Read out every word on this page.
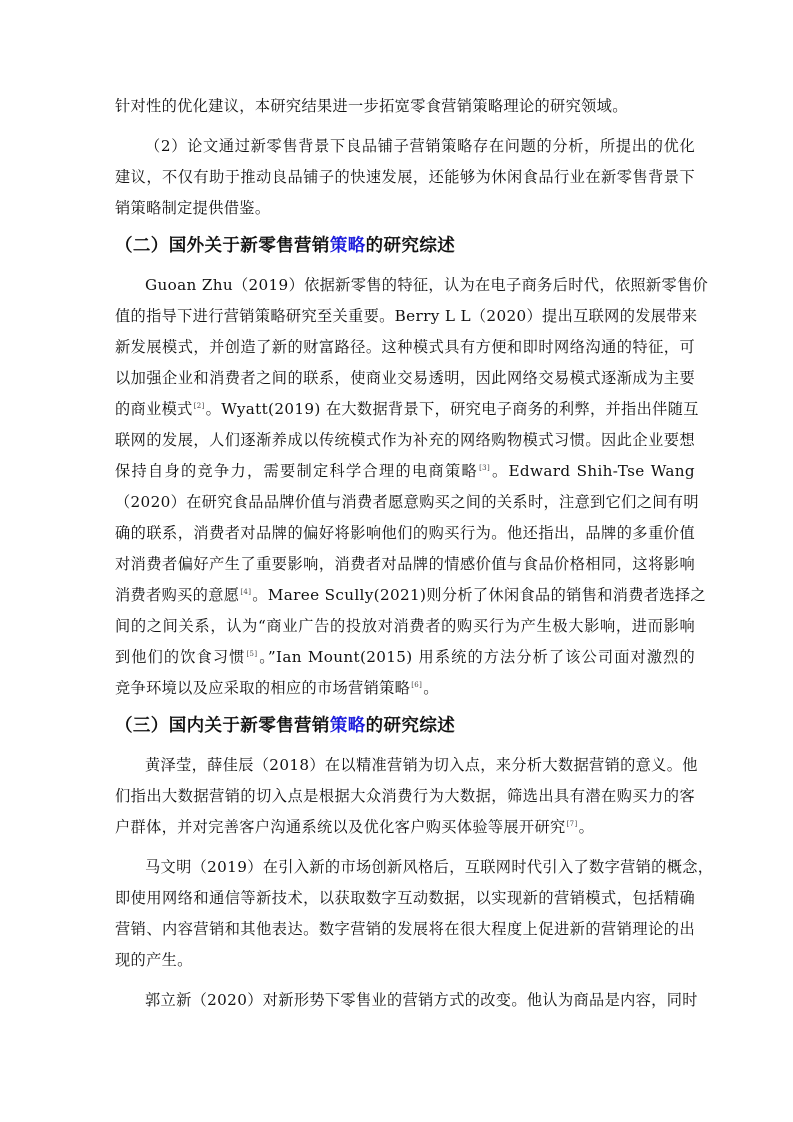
针对性的优化建议，本研究结果进一步拓宽零食营销策略理论的研究领域。
（2）论文通过新零售背景下良品铺子营销策略存在问题的分析，所提出的优化
建议，不仅有助于推动良品铺子的快速发展，还能够为休闲食品行业在新零售背景下
销策略制定提供借鉴。
（二）国外关于新零售营销策略的研究综述
Guoan Zhu（2019）依据新零售的特征，认为在电子商务后时代，依照新零售价
值的指导下进行营销策略研究至关重要。Berry L L（2020）提出互联网的发展带来
新发展模式，并创造了新的财富路径。这种模式具有方便和即时网络沟通的特征，可
以加强企业和消费者之间的联系，使商业交易透明，因此网络交易模式逐渐成为主要
的商业模式[2]。Wyatt(2019) 在大数据背景下，研究电子商务的利弊，并指出伴随互
联网的发展，人们逐渐养成以传统模式作为补充的网络购物模式习惯。因此企业要想
保持自身的竞争力，需要制定科学合理的电商策略[3]。Edward Shih-Tse Wang
（2020）在研究食品品牌价值与消费者愿意购买之间的关系时，注意到它们之间有明
确的联系，消费者对品牌的偏好将影响他们的购买行为。他还指出，品牌的多重价值
对消费者偏好产生了重要影响，消费者对品牌的情感价值与食品价格相同，这将影响
消费者购买的意愿[4]。Maree Scully(2021)则分析了休闲食品的销售和消费者选择之
间的之间关系，认为“商业广告的投放对消费者的购买行为产生极大影响，进而影响
到他们的饮食习惯[5]。”Ian Mount(2015) 用系统的方法分析了该公司面对激烈的
竞争环境以及应采取的相应的市场营销策略[6]。
（三）国内关于新零售营销策略的研究综述
黄泽莹，薛佳辰（2018）在以精准营销为切入点，来分析大数据营销的意义。他
们指出大数据营销的切入点是根据大众消费行为大数据，筛选出具有潜在购买力的客
户群体，并对完善客户沟通系统以及优化客户购买体验等展开研究[7]。
马文明（2019）在引入新的市场创新风格后，互联网时代引入了数字营销的概念，
即使用网络和通信等新技术，以获取数字互动数据，以实现新的营销模式，包括精确
营销、内容营销和其他表达。数字营销的发展将在很大程度上促进新的营销理论的出
现的产生。
郭立新（2020）对新形势下零售业的营销方式的改变。他认为商品是内容，同时
